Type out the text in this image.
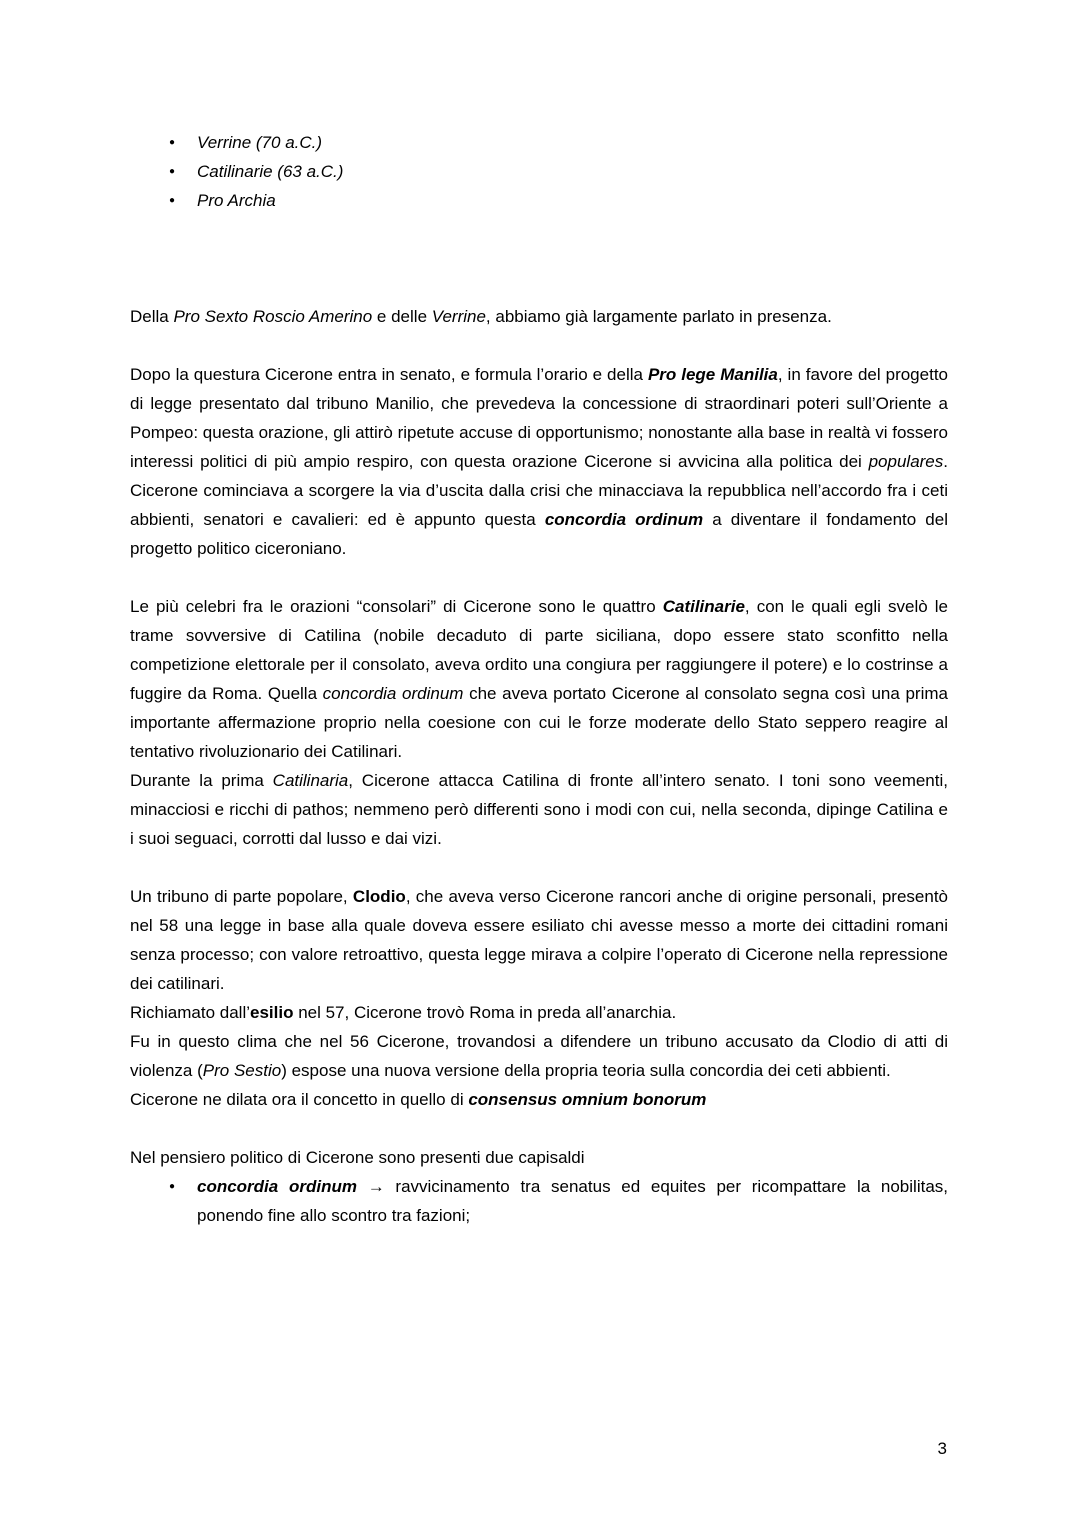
● Verrine (70 a.C.)
● Catilinarie (63 a.C.)
● Pro Archia

Della Pro Sexto Roscio Amerino e delle Verrine, abbiamo già largamente parlato in presenza.

Dopo la questura Cicerone entra in senato, e formula l’orario e della Pro lege Manilia, in favore del progetto di legge presentato dal tribuno Manilio, che prevedeva la concessione di straordinari poteri sull’Oriente a Pompeo: questa orazione, gli attirò ripetute accuse di opportunismo; nonostante alla base in realtà vi fossero interessi politici di più ampio respiro, con questa orazione Cicerone si avvicina alla politica dei populares. Cicerone cominciava a scorgere la via d’uscita dalla crisi che minacciava la repubblica nell’accordo fra i ceti abbienti, senatori e cavalieri: ed è appunto questa concordia ordinum a diventare il fondamento del progetto politico ciceroniano.

Le più celebri fra le orazioni “consolari” di Cicerone sono le quattro Catilinarie, con le quali egli svelò le trame sovversive di Catilina (nobile decaduto di parte siciliana, dopo essere stato sconfitto nella competizione elettorale per il consolato, aveva ordito una congiura per raggiungere il potere) e lo costrinse a fuggire da Roma. Quella concordia ordinum che aveva portato Cicerone al consolato segna così una prima importante affermazione proprio nella coesione con cui le forze moderate dello Stato seppero reagire al tentativo rivoluzionario dei Catilinari.

Durante la prima Catilinaria, Cicerone attacca Catilina di fronte all’intero senato. I toni sono veementi, minacciosi e ricchi di pathos; nemmeno però differenti sono i modi con cui, nella seconda, dipinge Catilina e i suoi seguaci, corrotti dal lusso e dai vizi.

Un tribuno di parte popolare, Clodio, che aveva verso Cicerone rancori anche di origine personali, presentò nel 58 una legge in base alla quale doveva essere esiliato chi avesse messo a morte dei cittadini romani senza processo; con valore retroattivo, questa legge mirava a colpire l’operato di Cicerone nella repressione dei catilinari.

Richiamato dall’esilio nel 57, Cicerone trovò Roma in preda all’anarchia.

Fu in questo clima che nel 56 Cicerone, trovandosi a difendere un tribuno accusato da Clodio di atti di violenza (Pro Sestio) espose una nuova versione della propria teoria sulla concordia dei ceti abbienti.

Cicerone ne dilata ora il concetto in quello di consensus omnium bonorum

Nel pensiero politico di Cicerone sono presenti due capisaldi

● concordia ordinum → ravvicinamento tra senatus ed equites per ricompattare la nobilitas, ponendo fine allo scontro tra fazioni;
3
